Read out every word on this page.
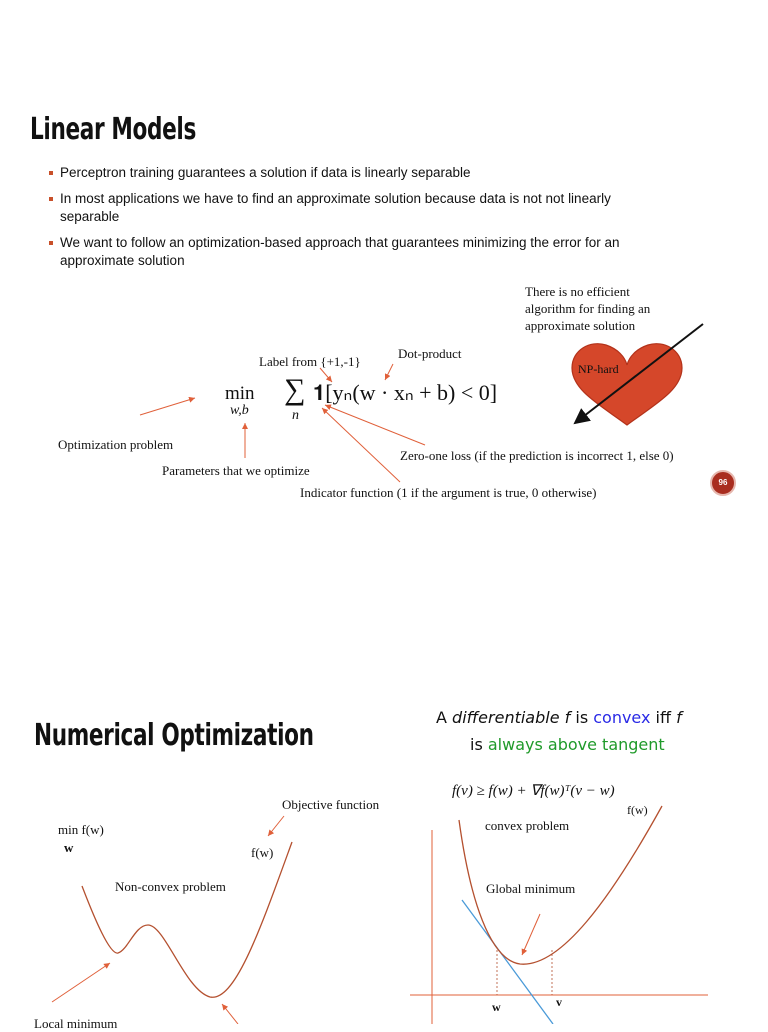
Linear Models
Perceptron training guarantees a solution if data is linearly separable
In most applications we have to find an approximate solution because data is not not linearly separable
We want to follow an optimization-based approach that guarantees minimizing the error for an approximate solution
There is no efficient
algorithm for finding an
approximate solution
NP-hard
min
w,b
∑
n
𝟏[yₙ(w · xₙ + b) < 0]
Label from {+1,-1}
Dot-product
Optimization problem
Parameters that we optimize
Zero-one loss (if the prediction is incorrect 1, else 0)
Indicator function (1 if the argument is true, 0 otherwise)
96
Numerical Optimization
A differentiable f is convex iff f
is always above tangent
f(v) ≥ f(w) + ∇f(w)ᵀ(v − w)
Objective function
min f(w)
w	f(w)
Non-convex problem
Local minimum
f(w)
convex problem
Global minimum
w	v
